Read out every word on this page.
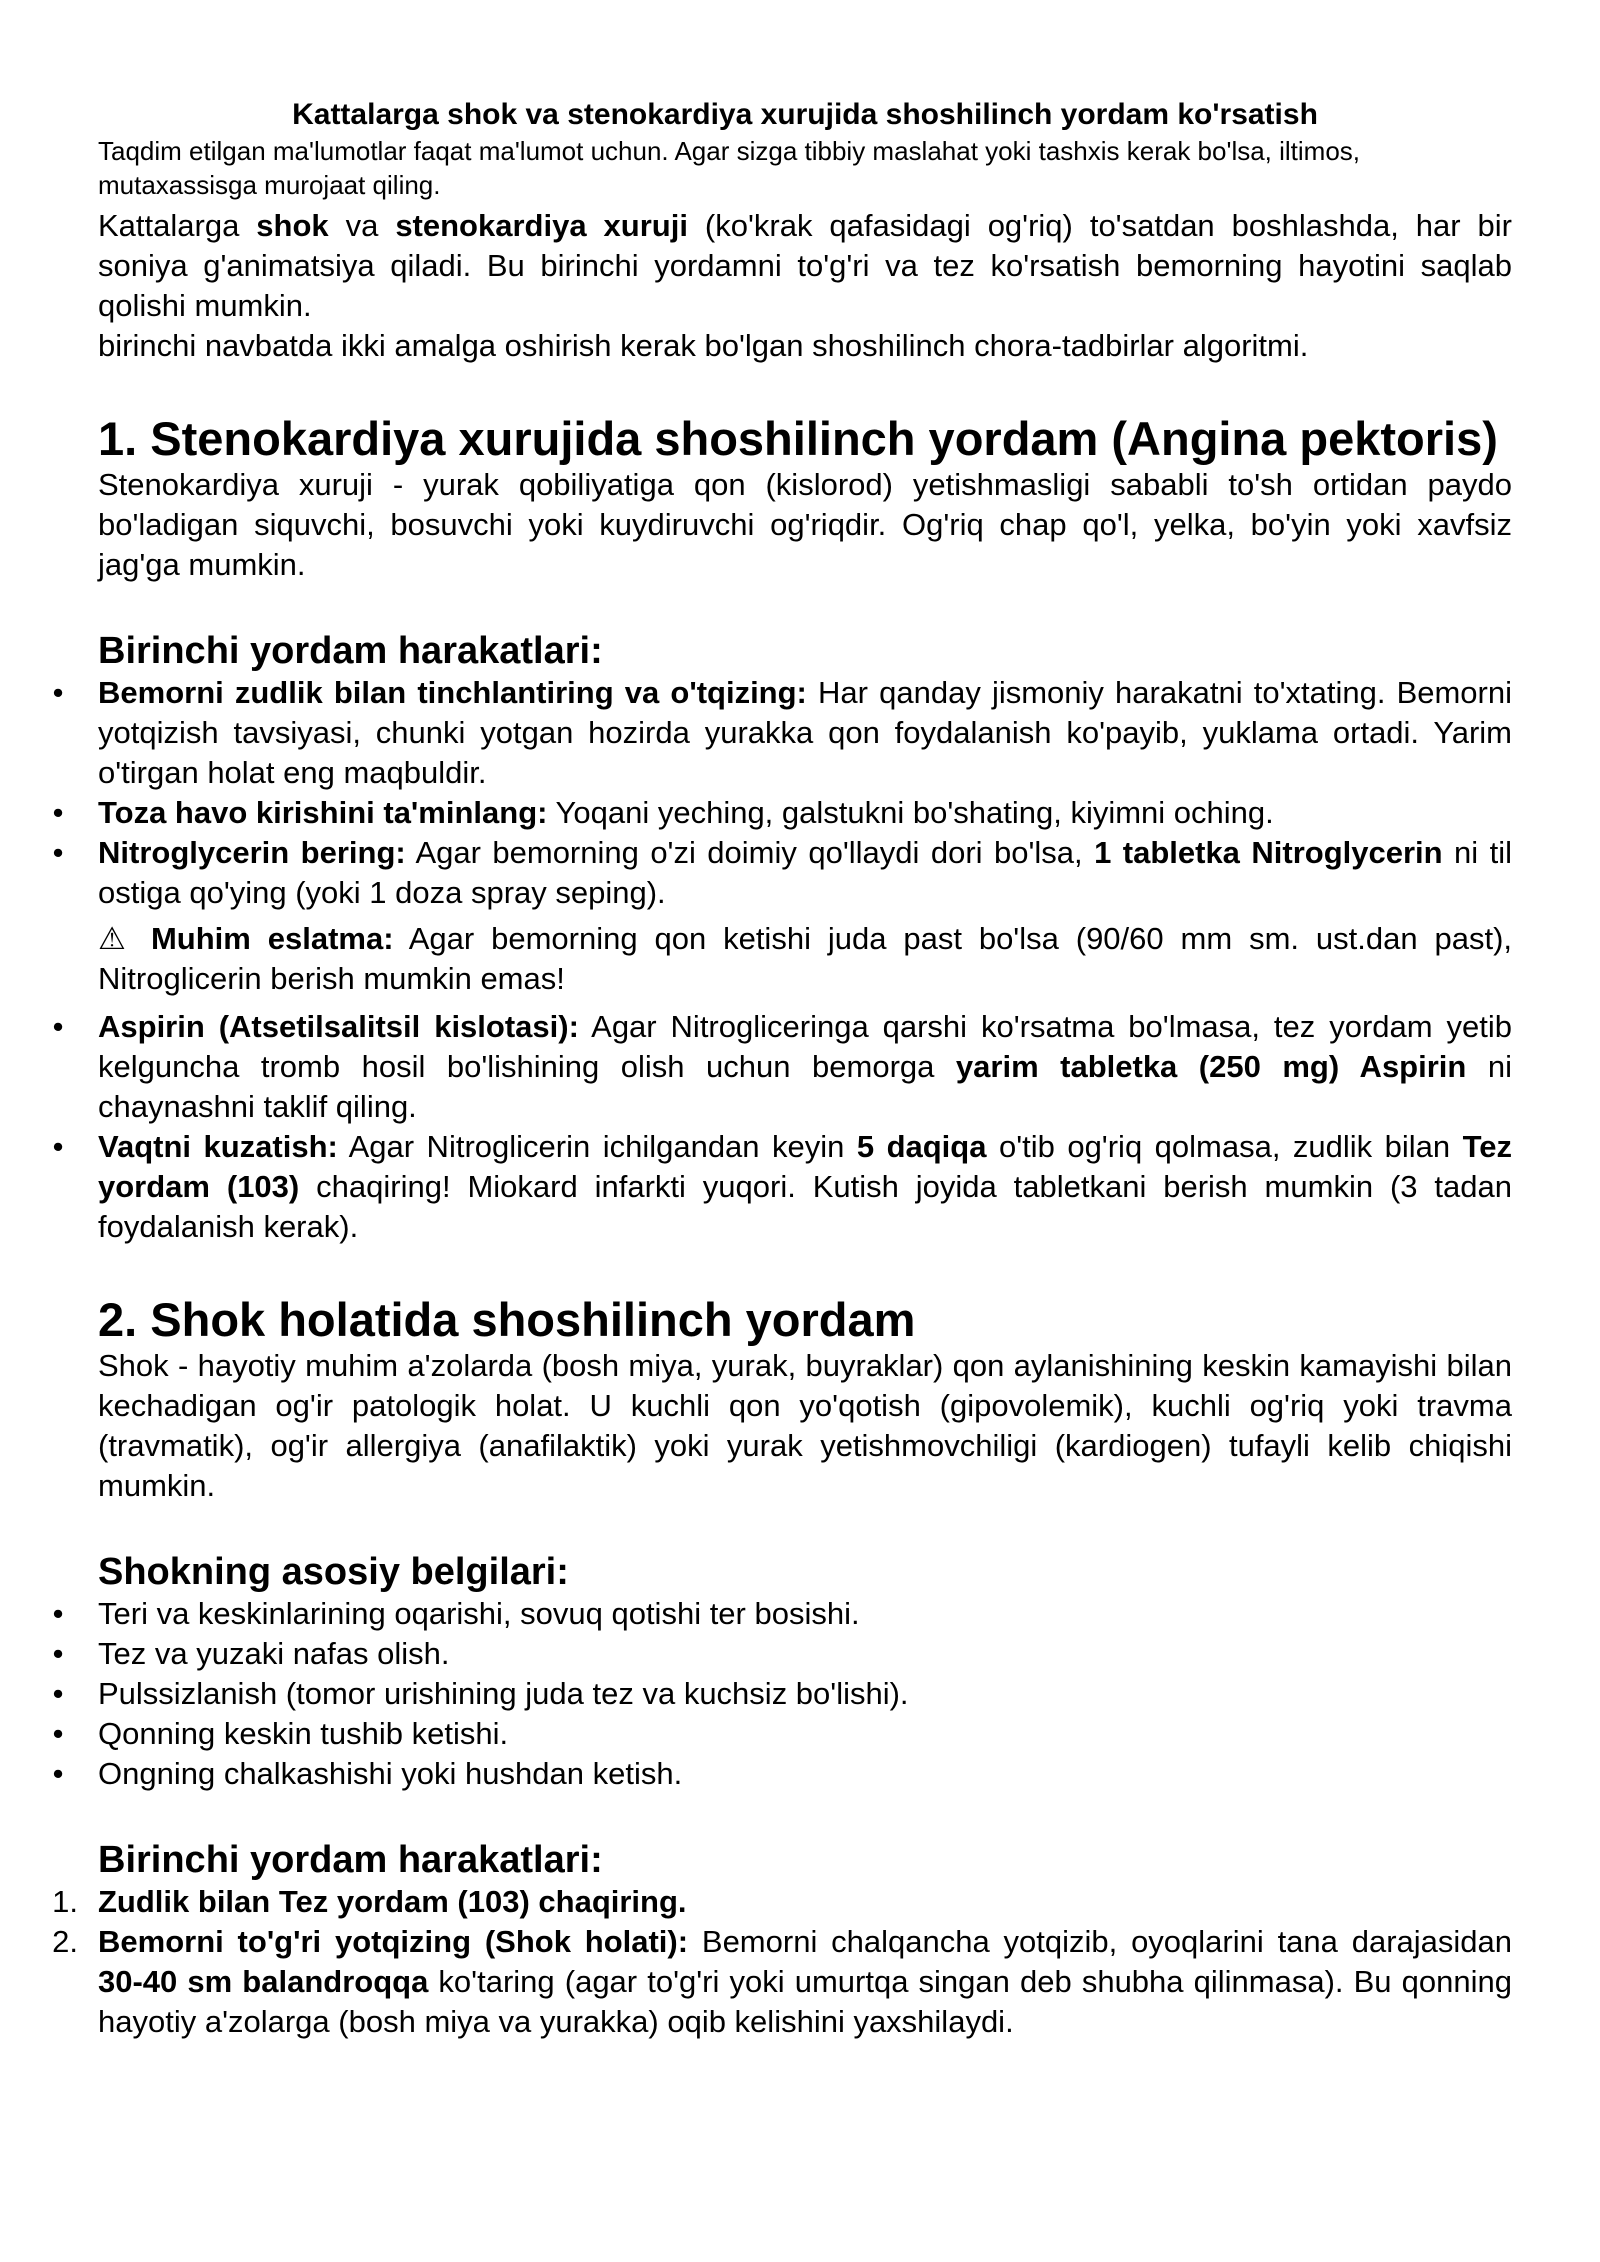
Kattalarga shok va stenokardiya xurujida shoshilinch yordam ko'rsatish

Taqdim etilgan ma'lumotlar faqat ma'lumot uchun. Agar sizga tibbiy maslahat yoki tashxis kerak bo'lsa, iltimos, mutaxassisga murojaat qiling.

Kattalarga shok va stenokardiya xuruji (ko'krak qafasidagi og'riq) to'satdan boshlashda, har bir soniya g'animatsiya qiladi. Bu birinchi yordamni to'g'ri va tez ko'rsatish bemorning hayotini saqlab qolishi mumkin.

birinchi navbatda ikki amalga oshirish kerak bo'lgan shoshilinch chora-tadbirlar algoritmi.

1. Stenokardiya xurujida shoshilinch yordam (Angina pektoris)

Stenokardiya xuruji - yurak qobiliyatiga qon (kislorod) yetishmasligi sababli to'sh ortidan paydo bo'ladigan siquvchi, bosuvchi yoki kuydiruvchi og'riqdir. Og'riq chap qo'l, yelka, bo'yin yoki xavfsiz jag'ga mumkin.

Birinchi yordam harakatlari:
• Bemorni zudlik bilan tinchlantiring va o'tqizing: Har qanday jismoniy harakatni to'xtating. Bemorni yotqizish tavsiyasi, chunki yotgan hozirda yurakka qon foydalanish ko'payib, yuklama ortadi. Yarim o'tirgan holat eng maqbuldir.
• Toza havo kirishini ta'minlang: Yoqani yeching, galstukni bo'shating, kiyimni oching.
• Nitroglycerin bering: Agar bemorning o'zi doimiy qo'llaydi dori bo'lsa, 1 tabletka Nitroglycerin ni til ostiga qo'ying (yoki 1 doza spray seping).

⚠ Muhim eslatma: Agar bemorning qon ketishi juda past bo'lsa (90/60 mm sm. ust.dan past), Nitroglicerin berish mumkin emas!

• Aspirin (Atsetilsalitsil kislotasi): Agar Nitrogliceringa qarshi ko'rsatma bo'lmasa, tez yordam yetib kelguncha tromb hosil bo'lishining olish uchun bemorga yarim tabletka (250 mg) Aspirin ni chaynashni taklif qiling.
• Vaqtni kuzatish: Agar Nitroglicerin ichilgandan keyin 5 daqiqa o'tib og'riq qolmasa, zudlik bilan Tez yordam (103) chaqiring! Miokard infarkti yuqori. Kutish joyida tabletkani berish mumkin (3 tadan foydalanish kerak).
2. Shok holatida shoshilinch yordam

Shok - hayotiy muhim a'zolarda (bosh miya, yurak, buyraklar) qon aylanishining keskin kamayishi bilan kechadigan og'ir patologik holat. U kuchli qon yo'qotish (gipovolemik), kuchli og'riq yoki travma (travmatik), og'ir allergiya (anafilaktik) yoki yurak yetishmovchiligi (kardiogen) tufayli kelib chiqishi mumkin.

Shokning asosiy belgilari:
• Teri va keskinlarining oqarishi, sovuq qotishi ter bosishi.
• Tez va yuzaki nafas olish.
• Pulssizlanish (tomor urishining juda tez va kuchsiz bo'lishi).
• Qonning keskin tushib ketishi.
• Ongning chalkashishi yoki hushdan ketish.
Birinchi yordam harakatlari:
1. Zudlik bilan Tez yordam (103) chaqiring.
2. Bemorni to'g'ri yotqizing (Shok holati): Bemorni chalqancha yotqizib, oyoqlarini tana darajasidan 30-40 sm balandroqqa ko'taring (agar to'g'ri yoki umurtqa singan deb shubha qilinmasa). Bu qonning hayotiy a'zolarga (bosh miya va yurakka) oqib kelishini yaxshilaydi.
